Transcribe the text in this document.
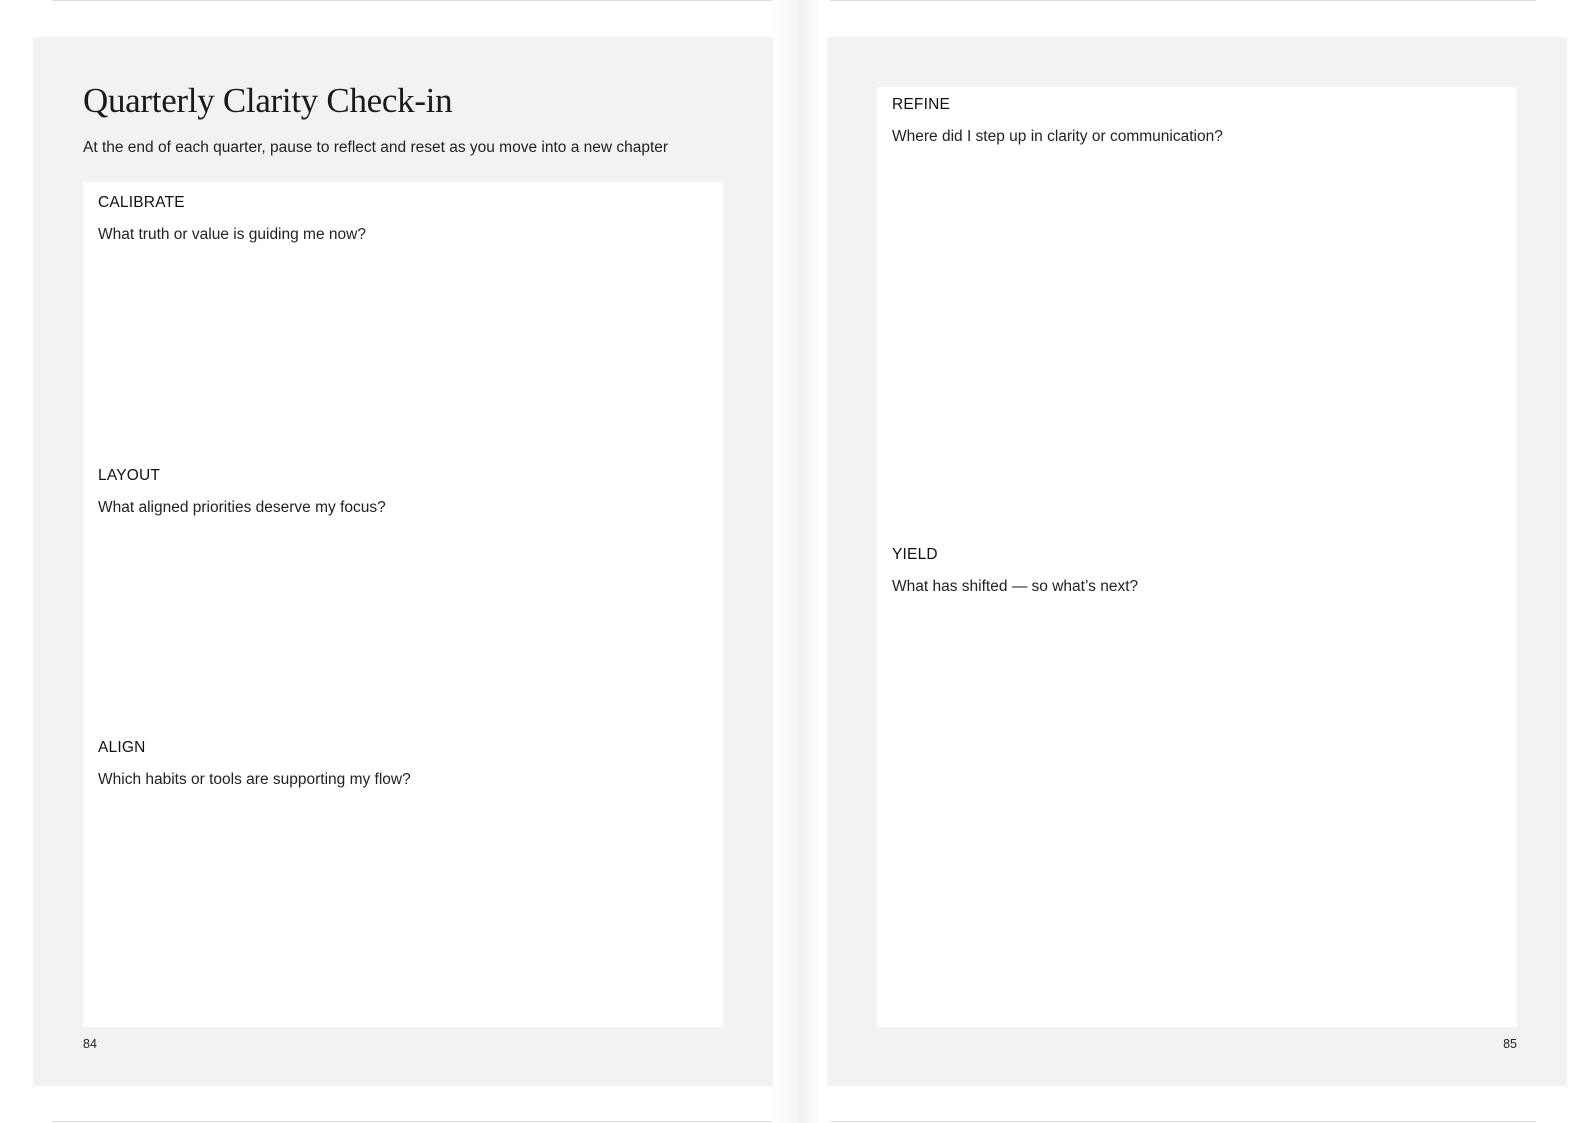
Quarterly Clarity Check-in

At the end of each quarter, pause to reflect and reset as you move into a new chapter

CALIBRATE

What truth or value is guiding me now?

LAYOUT

What aligned priorities deserve my focus?

ALIGN

Which habits or tools are supporting my flow?

84

REFINE

Where did I step up in clarity or communication?

YIELD

What has shifted — so what’s next?

85
